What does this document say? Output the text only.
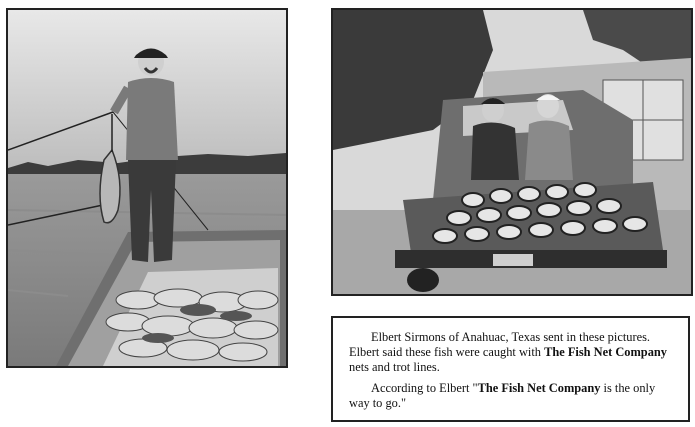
Elbert Sirmons of Anahuac, Texas sent in these pictures. Elbert said these fish were caught with The Fish Net Company nets and trot lines.

According to Elbert "The Fish Net Company is the only way to go."
